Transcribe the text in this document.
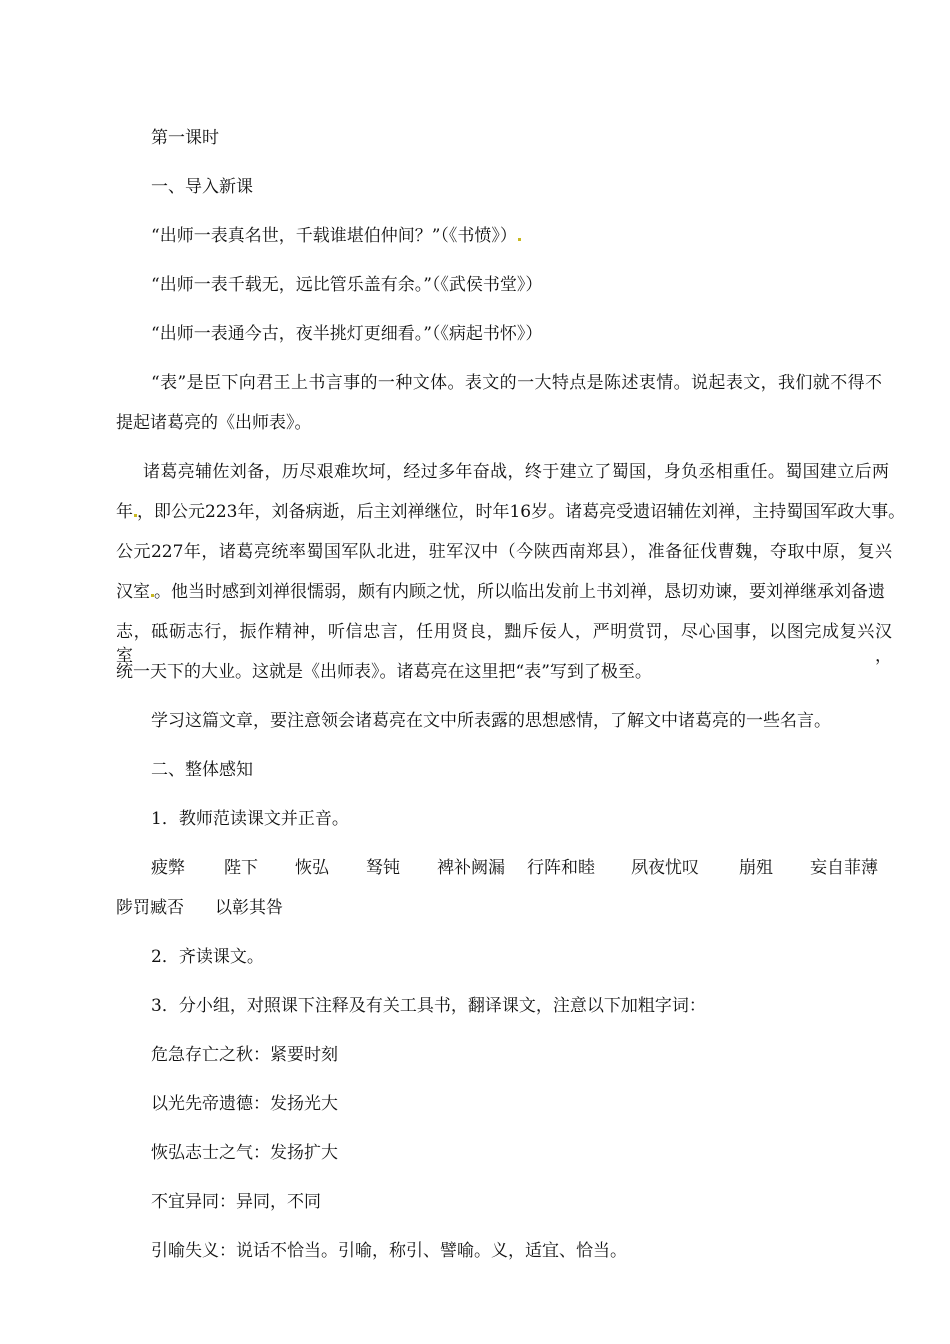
第一课时
一、导入新课
“出师一表真名世，千载谁堪伯仲间？”（《书愤》）
“出师一表千载无，远比管乐盖有余。”（《武侯书堂》）
“出师一表通今古，夜半挑灯更细看。”（《病起书怀》）
“表”是臣下向君王上书言事的一种文体。表文的一大特点是陈述衷情。说起表文，我们就不得不
提起诸葛亮的《出师表》。
诸葛亮辅佐刘备，历尽艰难坎坷，经过多年奋战，终于建立了蜀国，身负丞相重任。蜀国建立后两
年 ，即公元223年，刘备病逝，后主刘禅继位，时年16岁。诸葛亮受遗诏辅佐刘禅，主持蜀国军政大事。
公元227年，诸葛亮统率蜀国军队北进，驻军汉中（今陕西南郑县），准备征伐曹魏，夺取中原，复兴
汉室 。他当时感到刘禅很懦弱，颇有内顾之忧，所以临出发前上书刘禅，恳切劝谏，要刘禅继承刘备遗
志，砥砺志行，振作精神，听信忠言，任用贤良，黜斥佞人，严明赏罚，尽心国事，以图完成复兴汉室，
统一天下的大业。这就是《出师表》。诸葛亮在这里把“表”写到了极至。
学习这篇文章，要注意领会诸葛亮在文中所表露的思想感情，了解文中诸葛亮的一些名言。
二、整体感知
1．教师范读课文并正音。
疲弊 陛下 恢弘 驽钝 裨补阙漏 行阵和睦 夙夜忧叹 崩殂 妄自菲薄
陟罚臧否 以彰其咎
2．齐读课文。
3．分小组，对照课下注释及有关工具书，翻译课文，注意以下加粗字词：
危急存亡之秋：紧要时刻
以光先帝遗德：发扬光大
恢弘志士之气：发扬扩大
不宜异同：异同，不同
引喻失义：说话不恰当。引喻，称引、譬喻。义，适宜、恰当。
